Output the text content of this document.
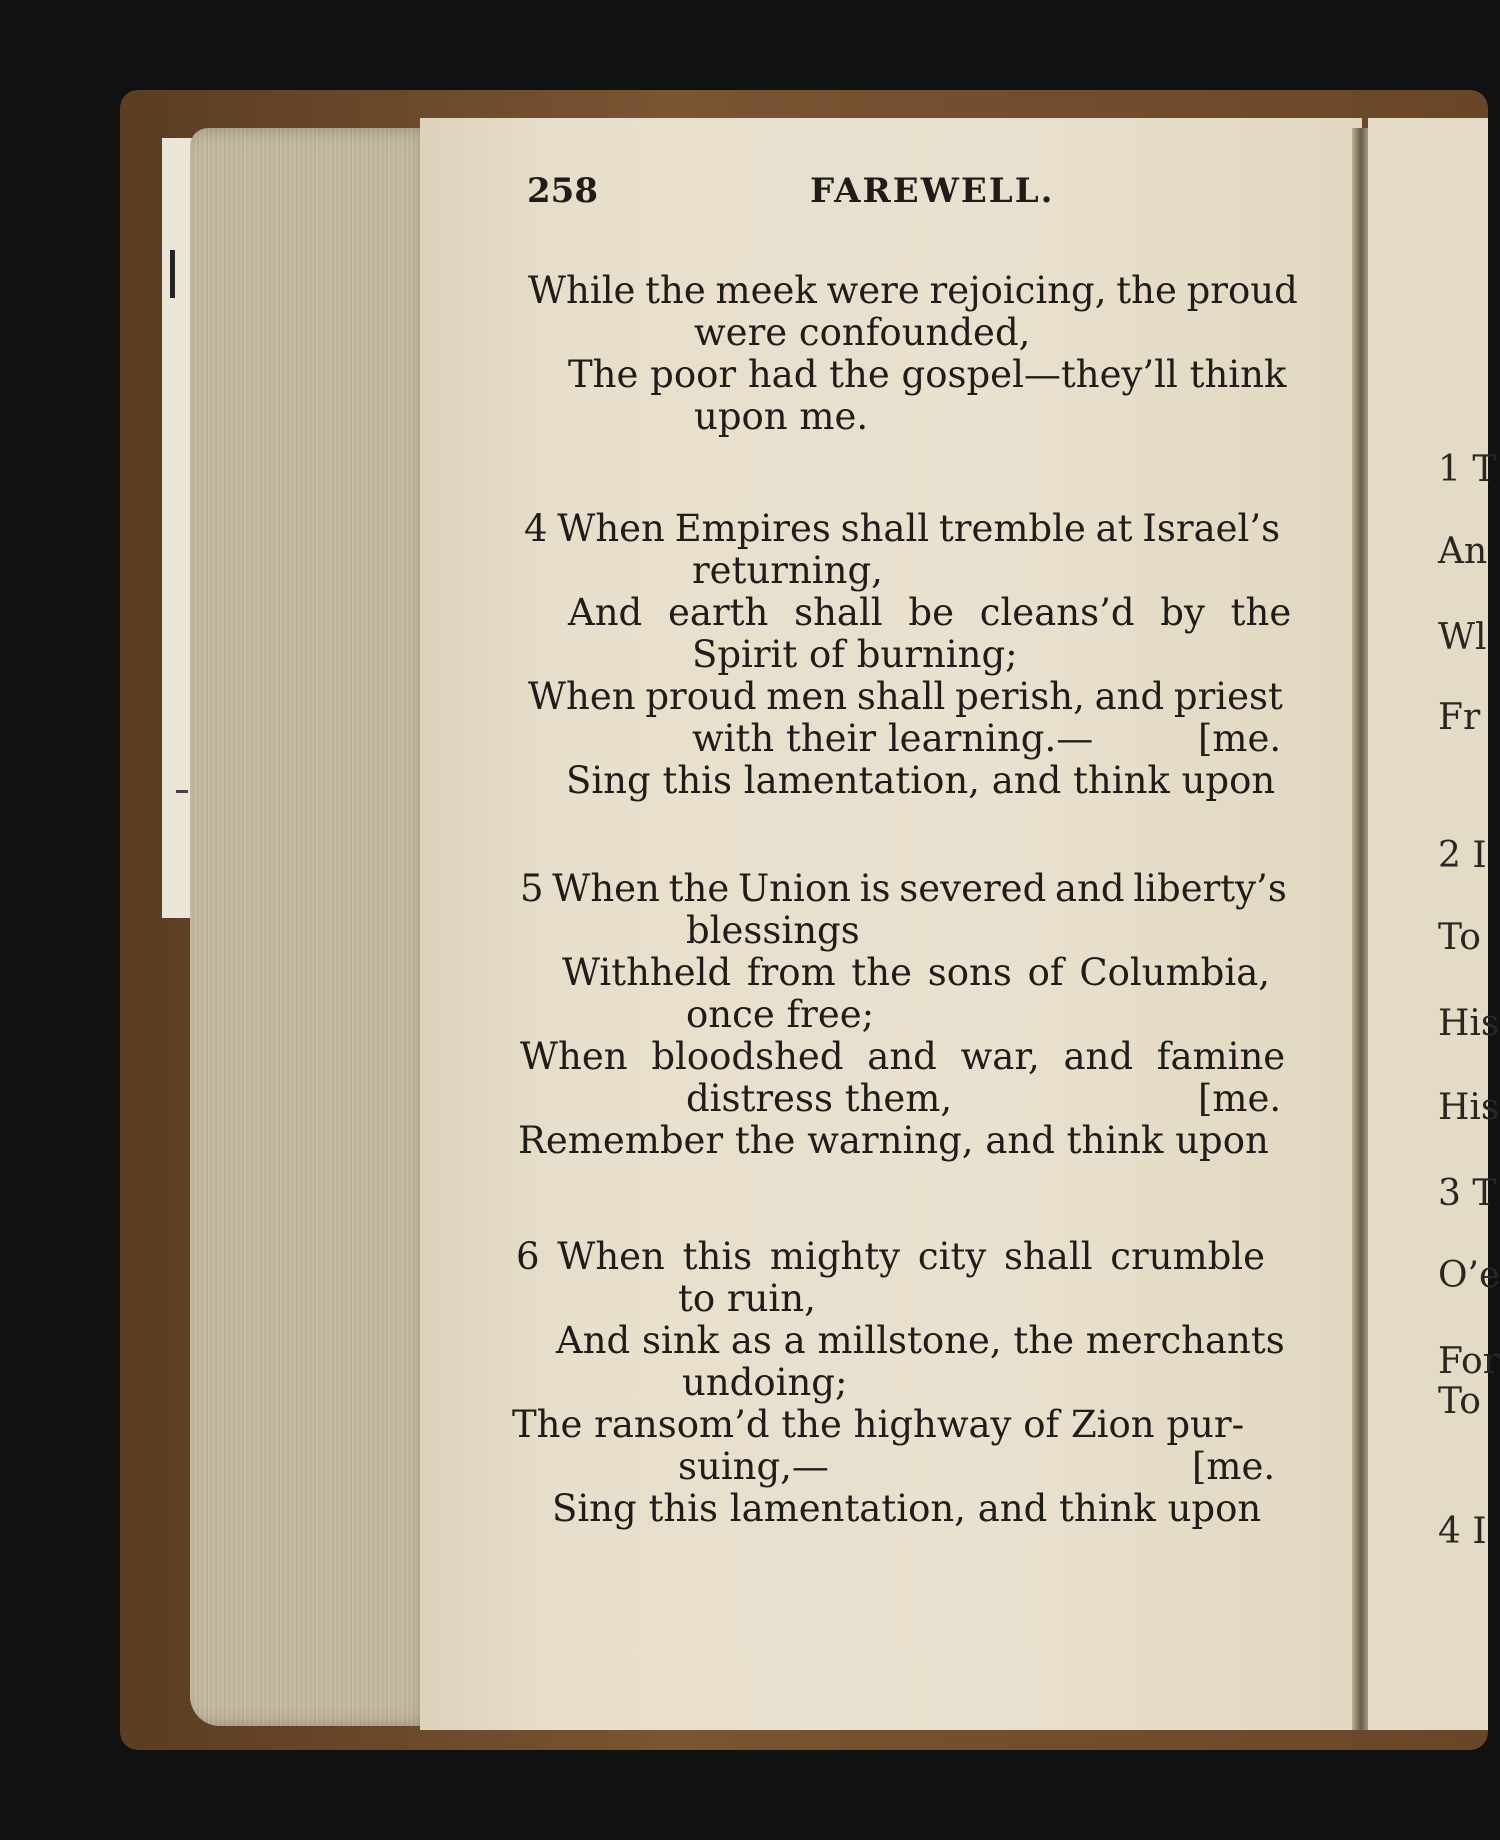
258	FAREWELL.
While the meek were rejoicing, the proud
were confounded,
The poor had the gospel—they’ll think
upon me.
4 When Empires shall tremble at Israel’s
returning,
And earth shall be cleans’d by the
Spirit of burning;
When proud men shall perish, and priest
with their learning.—	[me.
Sing this lamentation, and think upon
5 When the Union is severed and liberty’s
blessings
Withheld from the sons of Columbia,
once free;
When bloodshed and war, and famine
distress them,	[me.
Remember the warning, and think upon
6 When this mighty city shall crumble
to ruin,
And sink as a millstone, the merchants
undoing;
The ransom’d the highway of Zion pur-
suing,—	[me.
Sing this lamentation, and think upon
1 T
An
Wl
Fr
2 I
To
His
His
3 T
O’e
For
To
4 I
